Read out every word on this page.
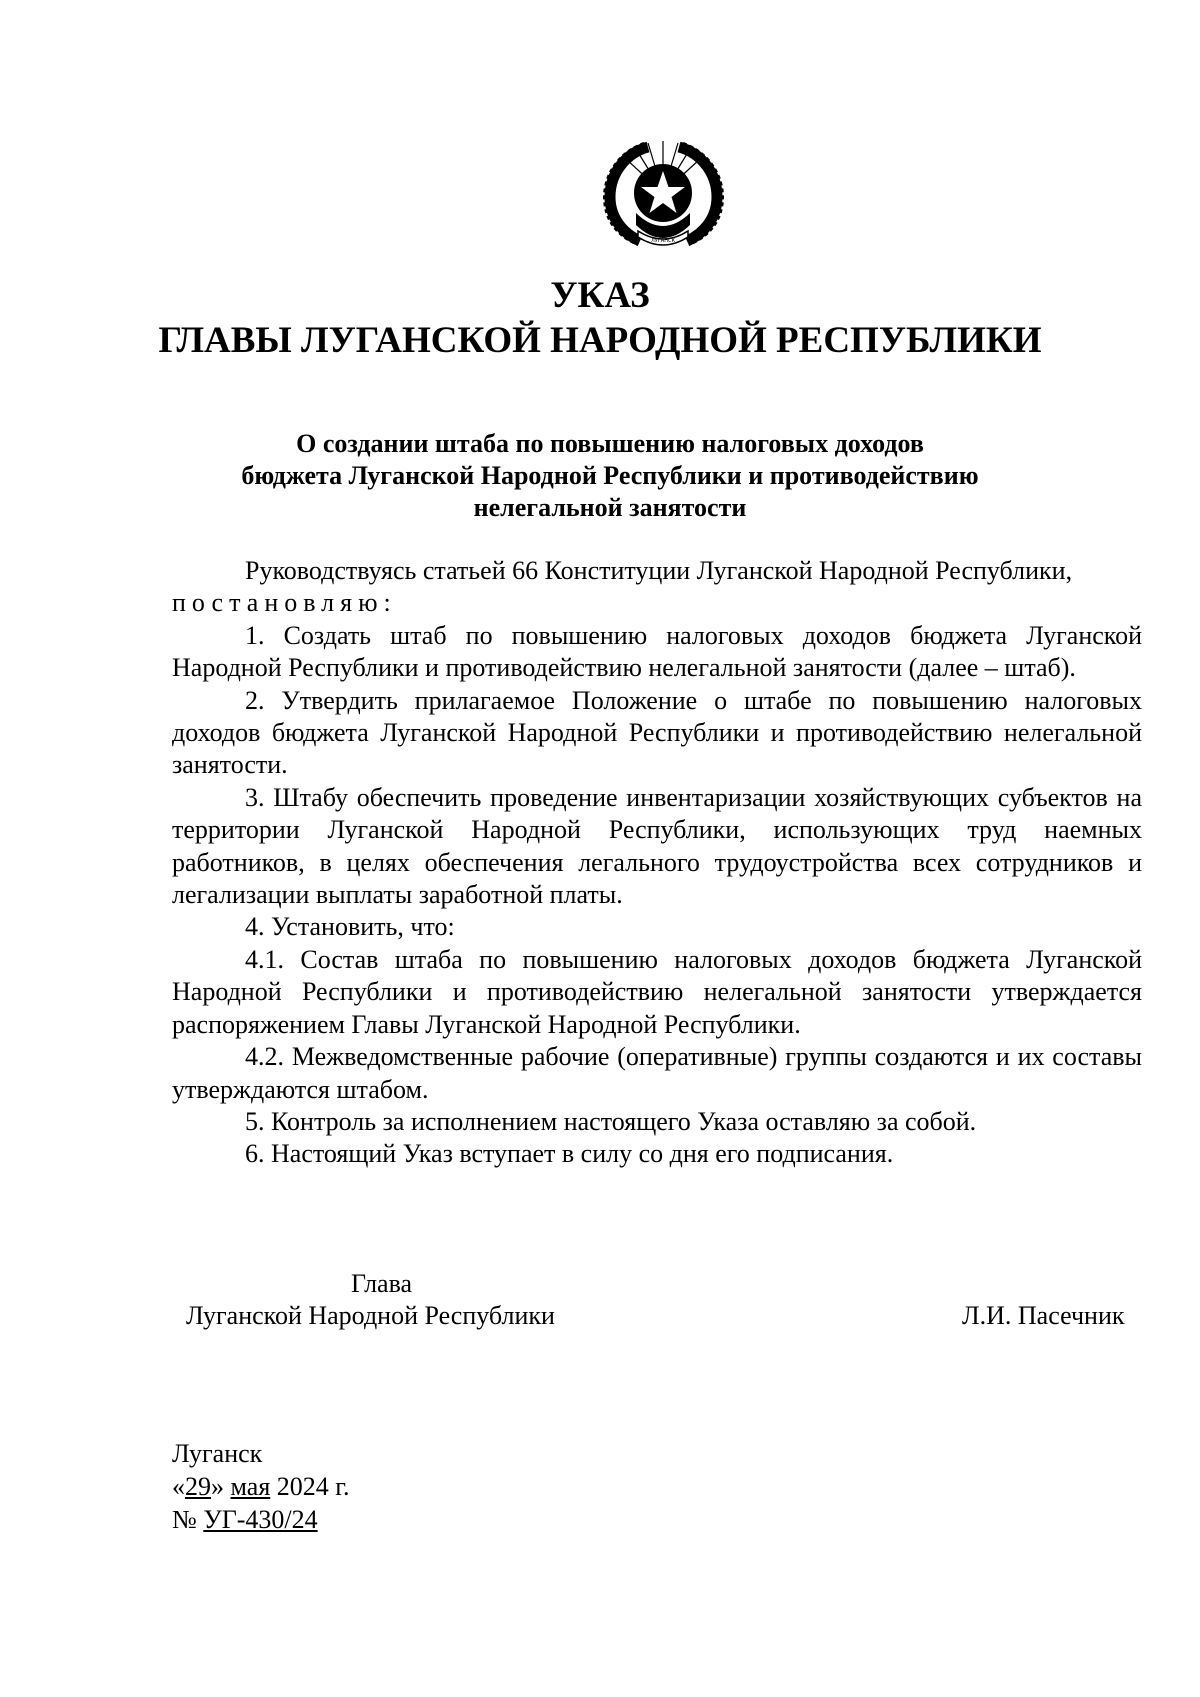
ЛУГАНСК
УКАЗ
ГЛАВЫ ЛУГАНСКОЙ НАРОДНОЙ РЕСПУБЛИКИ
О создании штаба по повышению налоговых доходов
бюджета Луганской Народной Республики и противодействию
нелегальной занятости

Руководствуясь статьей 66 Конституции Луганской Народной Республики,

постановляю:

1. Создать штаб по повышению налоговых доходов бюджета Луганской Народной Республики и противодействию нелегальной занятости (далее – штаб).

2. Утвердить прилагаемое Положение о штабе по повышению налоговых доходов бюджета Луганской Народной Республики и противодействию нелегальной занятости.

3. Штабу обеспечить проведение инвентаризации хозяйствующих субъектов на территории Луганской Народной Республики, использующих труд наемных работников, в целях обеспечения легального трудоустройства всех сотрудников и легализации выплаты заработной платы.

4. Установить, что:

4.1. Состав штаба по повышению налоговых доходов бюджета Луганской Народной Республики и противодействию нелегальной занятости утверждается распоряжением Главы Луганской Народной Республики.

4.2. Межведомственные рабочие (оперативные) группы создаются и их составы утверждаются штабом.

5. Контроль за исполнением настоящего Указа оставляю за собой.

6. Настоящий Указ вступает в силу со дня его подписания.

Глава
Луганской Народной Республики	Л.И. Пасечник
Луганск
«29» мая 2024 г.
№ УГ-430/24
